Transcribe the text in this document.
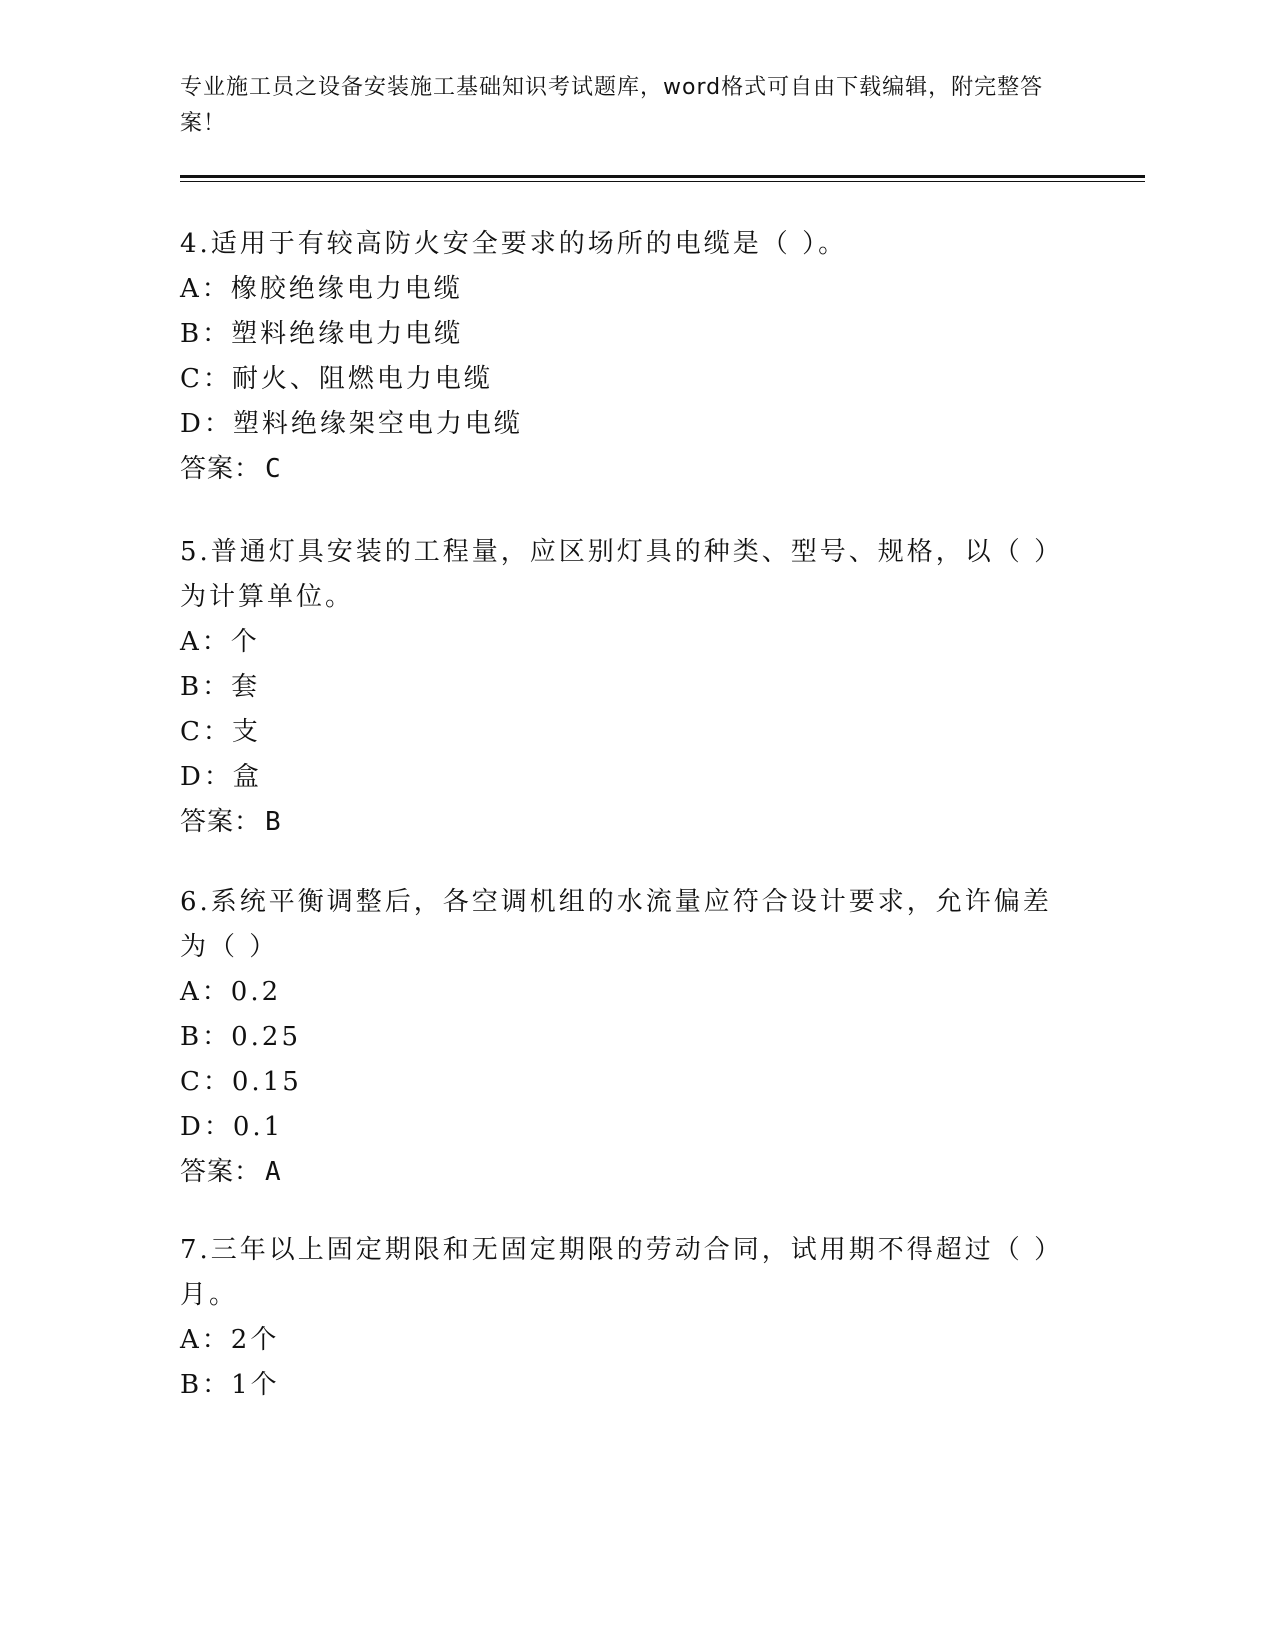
专业施工员之设备安装施工基础知识考试题库，word格式可自由下载编辑，附完整答案！
4.适用于有较高防火安全要求的场所的电缆是（ ）。
A：橡胶绝缘电力电缆
B：塑料绝缘电力电缆
C：耐火、阻燃电力电缆
D：塑料绝缘架空电力电缆
答案： C
5.普通灯具安装的工程量，应区别灯具的种类、型号、规格，以（ ）为计算单位。
A：个
B：套
C：支
D：盒
答案： B
6.系统平衡调整后，各空调机组的水流量应符合设计要求，允许偏差为（ ）
A：0.2
B：0.25
C：0.15
D：0.1
答案： A
7.三年以上固定期限和无固定期限的劳动合同，试用期不得超过（ ）月。
A：2个
B：1个
